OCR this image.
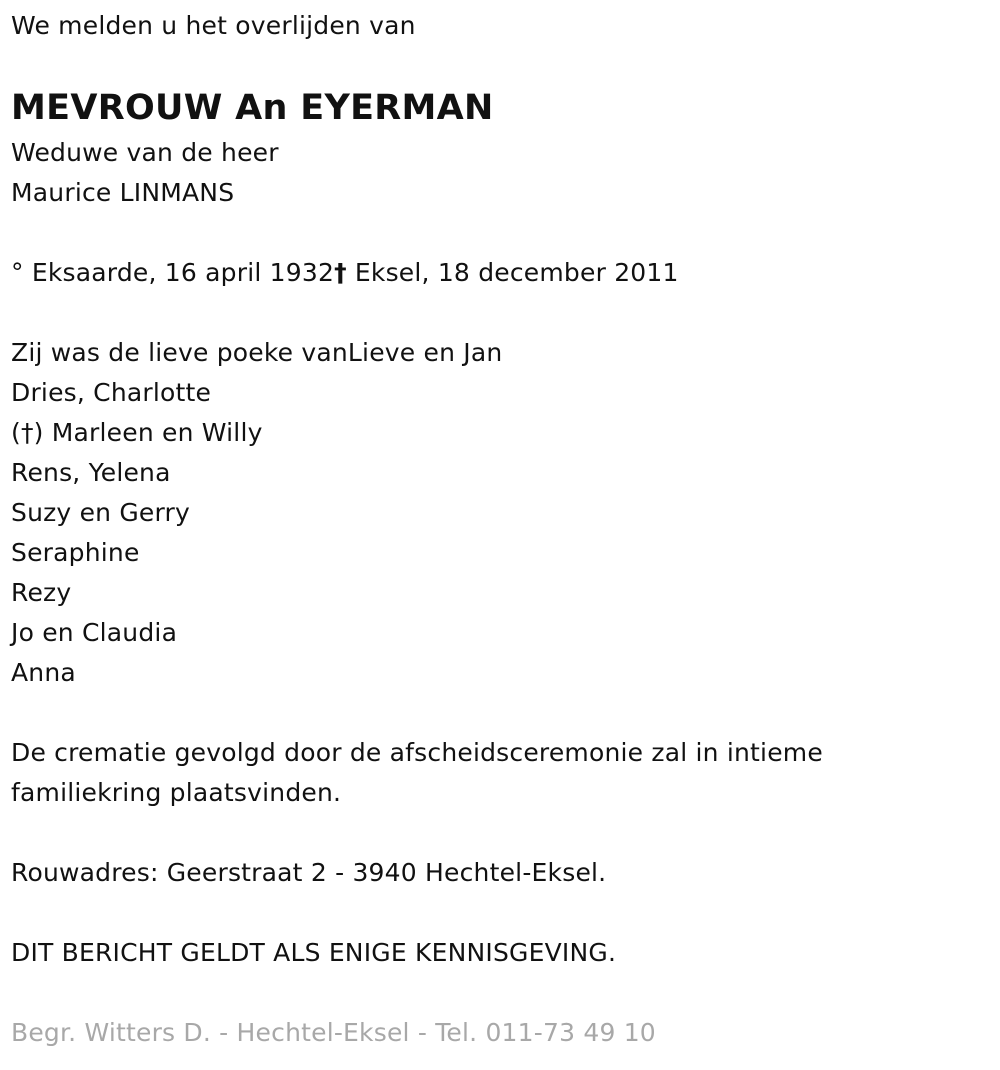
We melden u het overlijden van
MEVROUW An EYERMAN
Weduwe van de heer
Maurice LINMANS
° Eksaarde, 16 april 1932† Eksel, 18 december 2011
Zij was de lieve poeke vanLieve en Jan
Dries, Charlotte
(†) Marleen en Willy
Rens, Yelena
Suzy en Gerry
Seraphine
Rezy
Jo en Claudia
Anna
De crematie gevolgd door de afscheidsceremonie zal in intieme familiekring plaatsvinden.
Rouwadres: Geerstraat 2 - 3940 Hechtel-Eksel.
DIT BERICHT GELDT ALS ENIGE KENNISGEVING.
Begr. Witters D. - Hechtel-Eksel - Tel. 011-73 49 10
